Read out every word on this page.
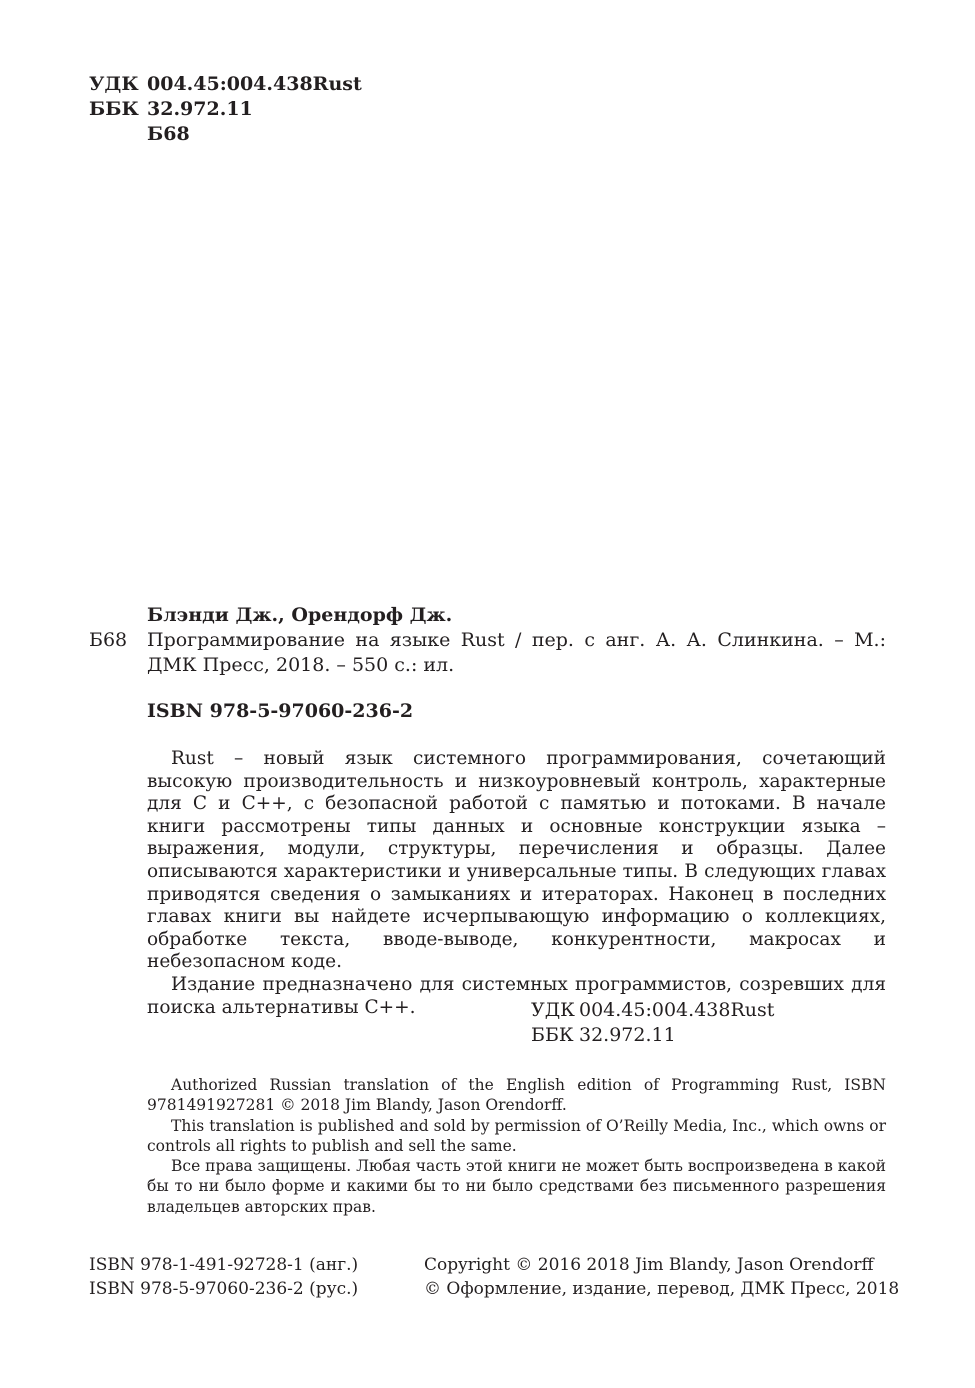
УДК 004.45:004.438Rust
ББК 32.972.11
Б68
Блэнди Дж., Орендорф Дж.
Б68	Программирование на языке Rust / пер. с анг. А. А. Слинкина. – М.: ДМК Пресс, 2018. – 550 с.: ил.
ISBN 978-5-97060-236-2

Rust – новый язык системного программирования, сочетающий высокую производительность и низкоуровневый контроль, характерные для C и C++, с безопасной работой с памятью и потоками. В начале книги рассмотрены типы данных и основные конструкции языка – выражения, модули, структуры, перечисления и образцы. Далее описываются характеристики и универсальные типы. В следующих главах приводятся сведения о замыканиях и итераторах. Наконец в последних главах книги вы найдете исчерпывающую информацию о коллекциях, обработке текста, вводе-выводе, конкурентности, макросах и небезопасном коде.

Издание предназначено для системных программистов, созревших для поиска альтернативы C++.	УДК 004.45:004.438Rust
ББК 32.972.11

Authorized Russian translation of the English edition of Programming Rust, ISBN 9781491927281 © 2018 Jim Blandy, Jason Orendorff.

This translation is published and sold by permission of O’Reilly Media, Inc., which owns or controls all rights to publish and sell the same.

Все права защищены. Любая часть этой книги не может быть воспроизведена в какой бы то ни было форме и какими бы то ни было средствами без письменного разрешения владельцев авторских прав.

ISBN 978-1-491-92728-1 (анг.)
ISBN 978-5-97060-236-2 (рус.)
Copyright © 2016 2018 Jim Blandy, Jason Orendorff
© Оформление, издание, перевод, ДМК Пресс, 2018
